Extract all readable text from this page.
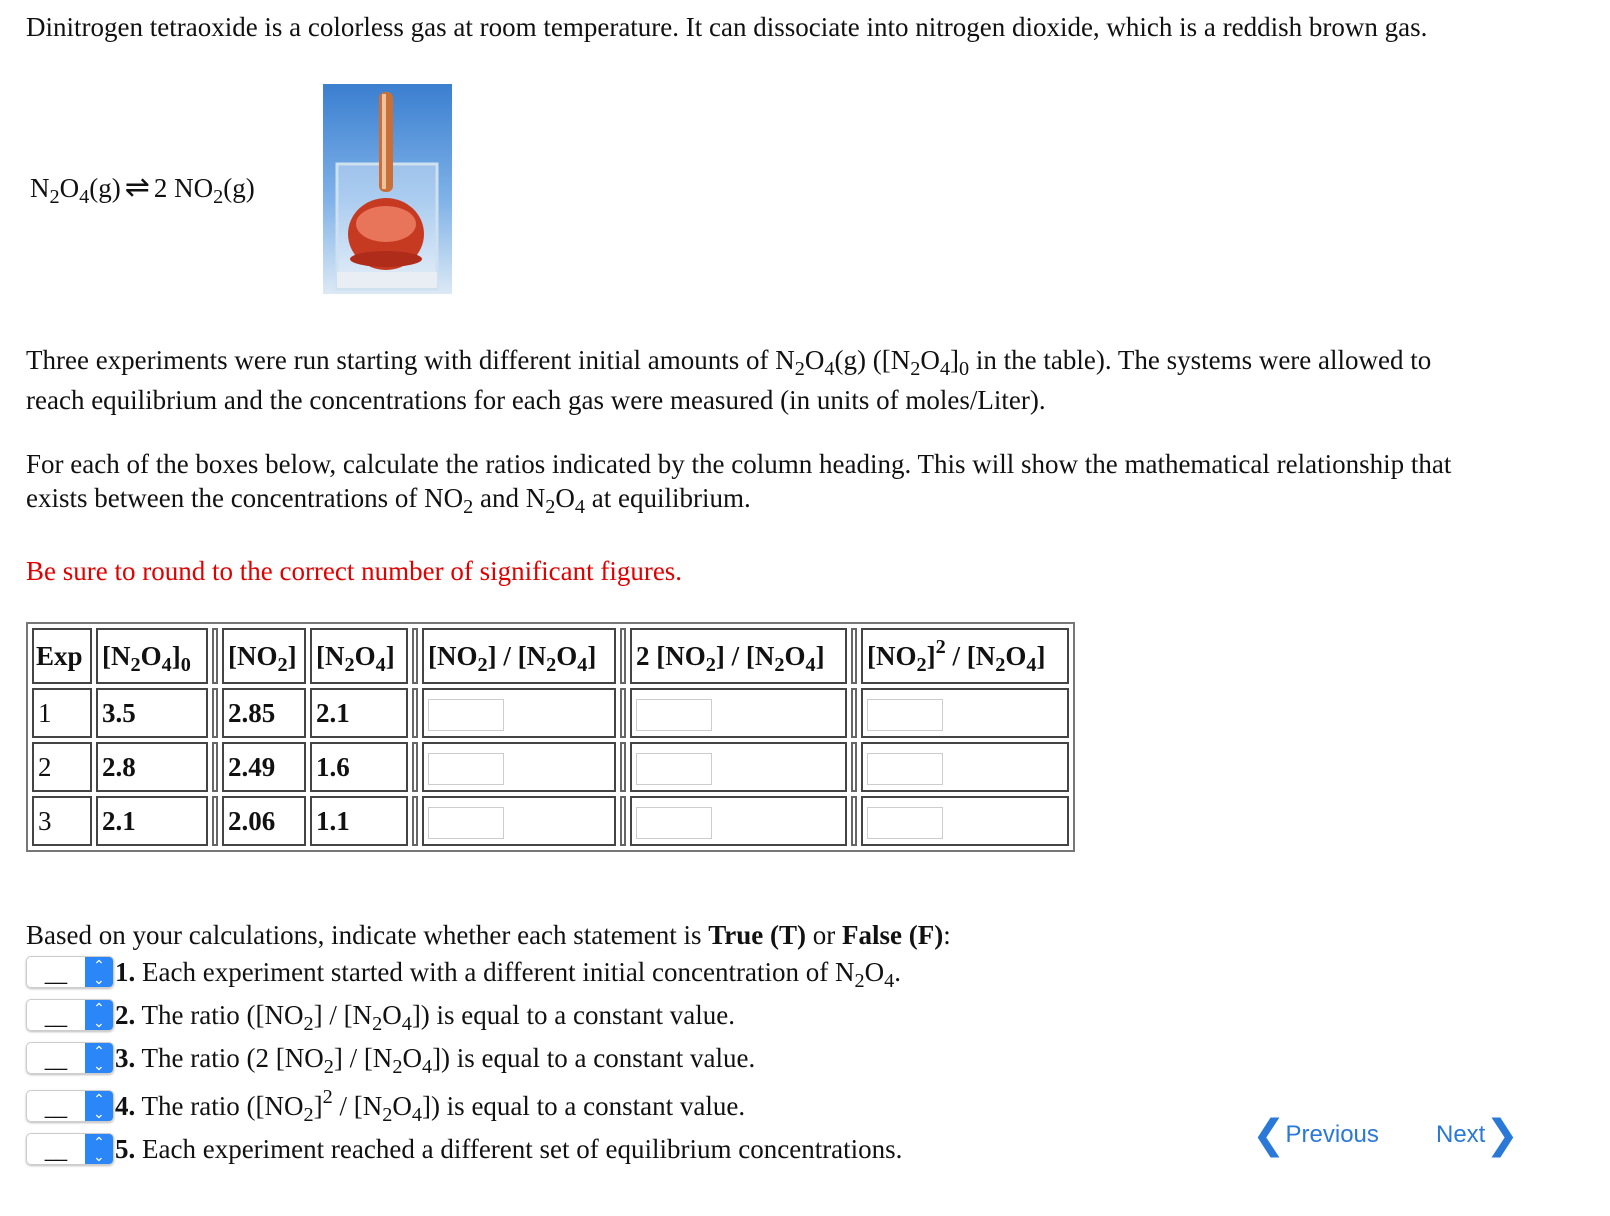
Dinitrogen tetraoxide is a colorless gas at room temperature. It can dissociate into nitrogen dioxide, which is a reddish brown gas.

$N_2O_4(g)$ ⇌ 2 $NO_2(g)$

Three experiments were run starting with different initial amounts of $N_2O_4(g)$ ($[N_2O_4]_0$ in the table). The systems were allowed to reach equilibrium and the concentrations for each gas were measured (in units of moles/Liter).

For each of the boxes below, calculate the ratios indicated by the column heading. This will show the mathematical relationship that exists between the concentrations of $NO_2$ and $N_2O_4$ at equilibrium.

Be sure to round to the correct number of significant figures.

Exp	$[N_2O_4]_0$		$[NO_2]$	$[N_2O_4]$		$[NO_2] / [N_2O_4]$		2 $[NO_2] / [N_2O_4]$		$[NO_2]^2 / [N_2O_4]$
1	3.5		2.85	2.1						
2	2.8		2.49	1.6						
3	2.1		2.06	1.1						

Based on your calculations, indicate whether each statement is True (T) or False (F):

__	⌃
⌃ 1. Each experiment started with a different initial concentration of $N_2O_4$.
__	⌃
⌃ 2. The ratio $([NO_2] / [N_2O_4])$ is equal to a constant value.
__	⌃
⌃ 3. The ratio (2 $[NO_2] / [N_2O_4]$) is equal to a constant value.
__	⌃
⌃ 4. The ratio $([NO_2]^2 / [N_2O_4])$ is equal to a constant value.
__	⌃
⌃ 5. Each experiment reached a different set of equilibrium concentrations.	❮ Previous Next ❯
